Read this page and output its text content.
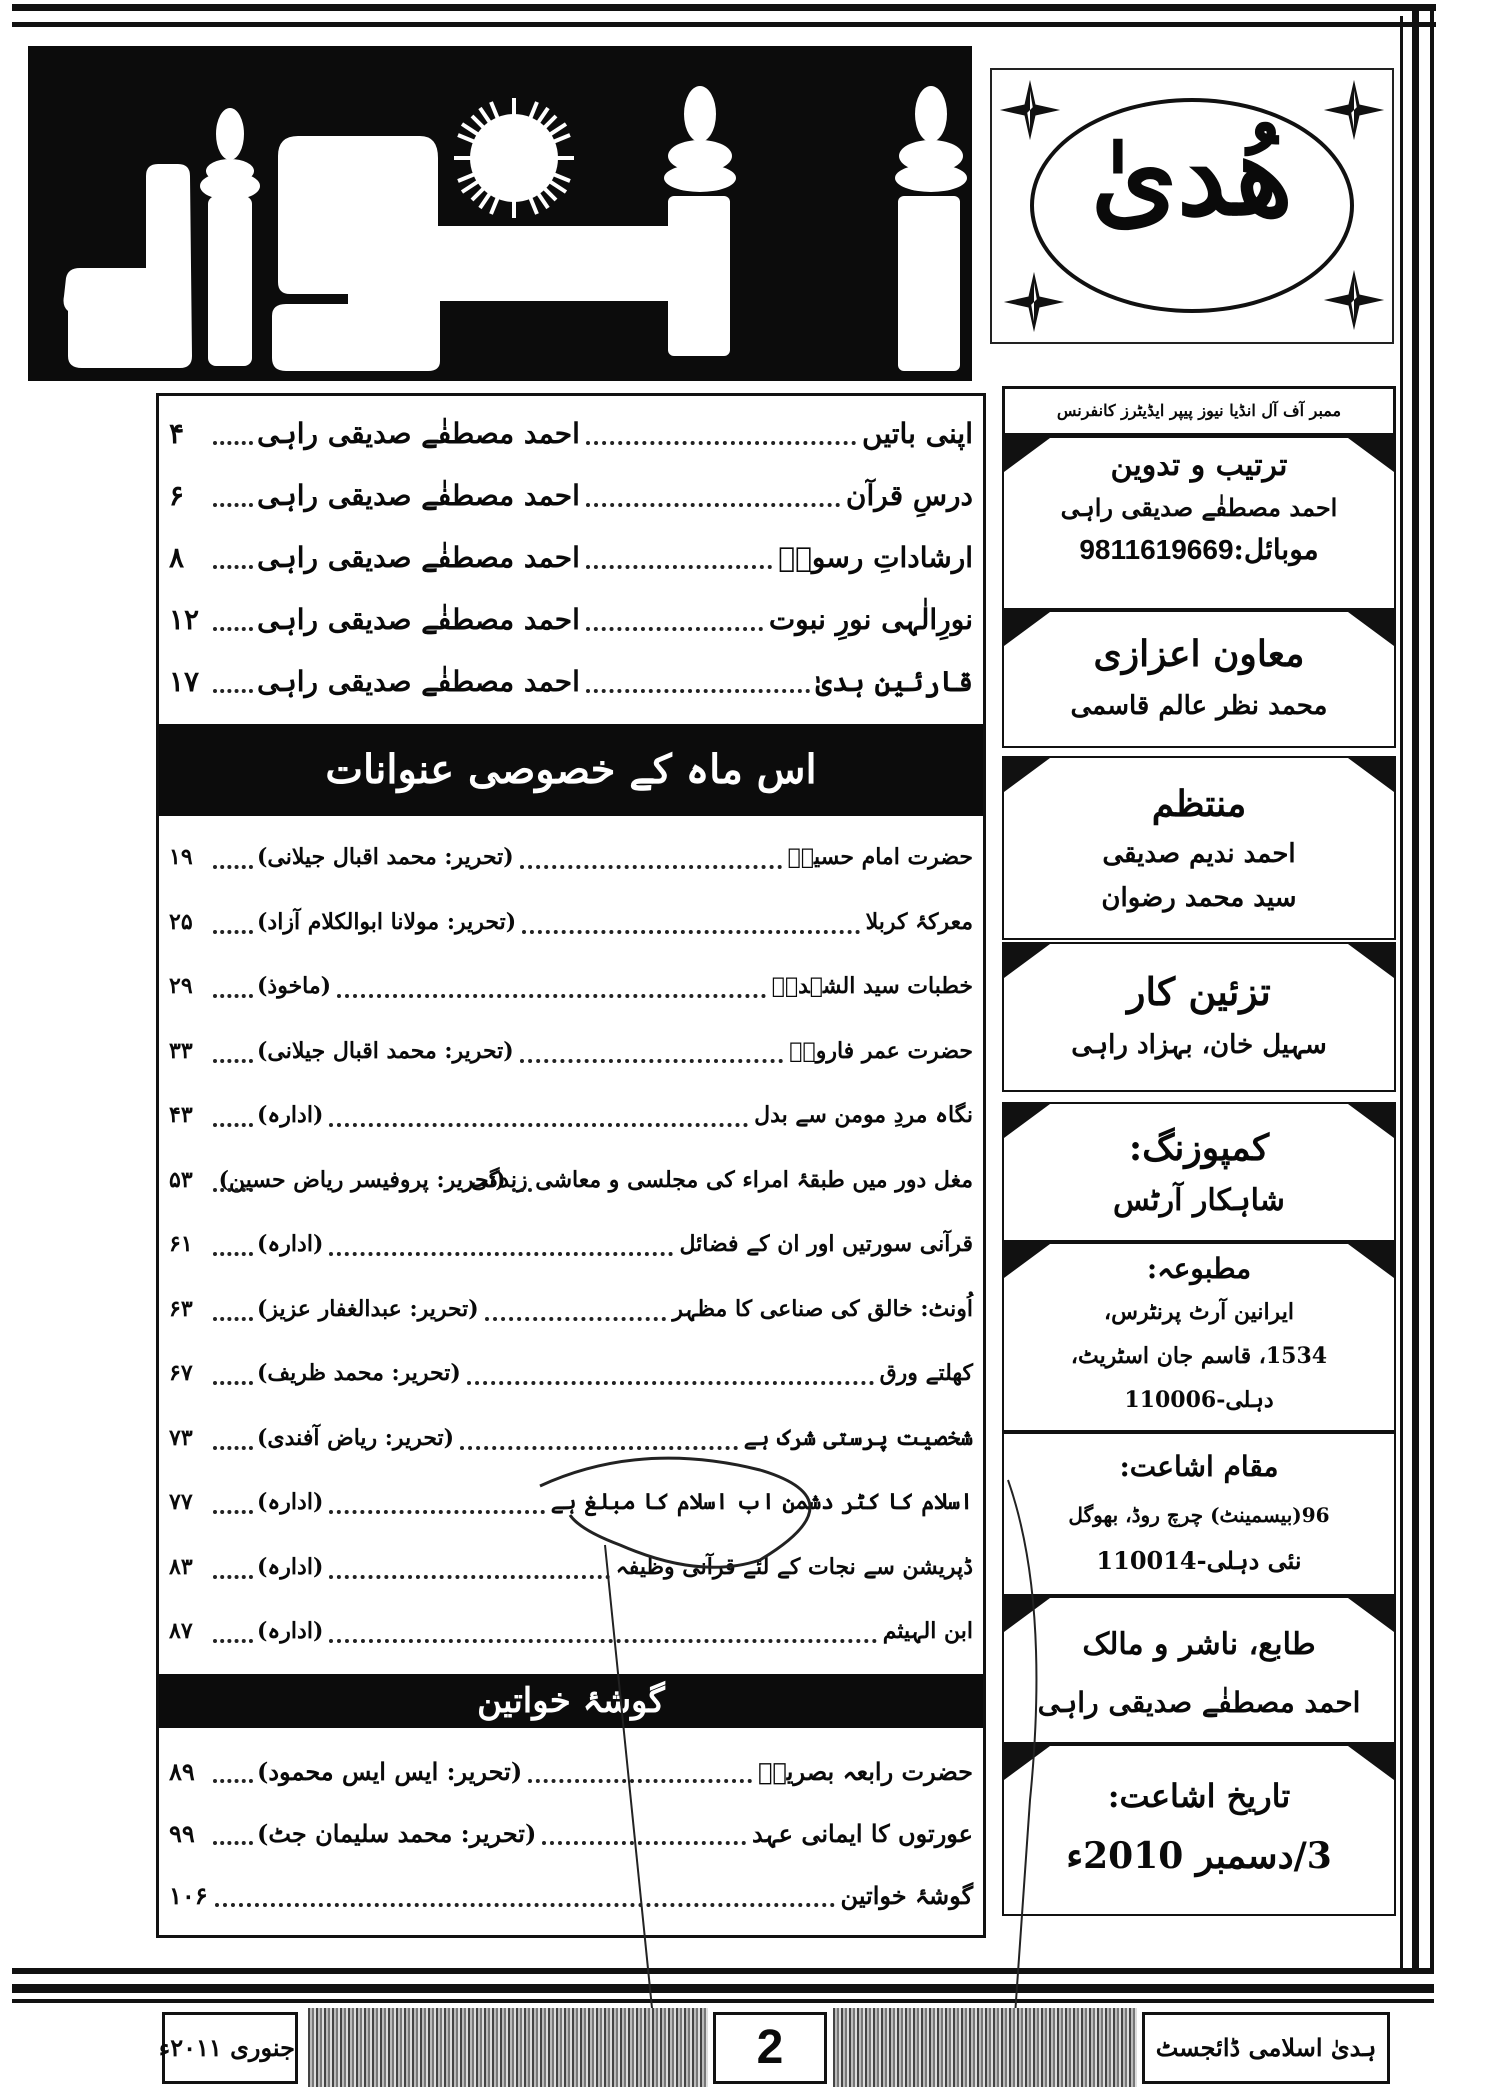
ھُدیٰ
اپنی باتیں
احمد مصطفٰے صدیقی راہی
۴
درسِ قرآن
احمد مصطفٰے صدیقی راہی
۶
ارشاداتِ رسولؐ
احمد مصطفٰے صدیقی راہی
۸
نورِالٰہی نورِ نبوت
احمد مصطفٰے صدیقی راہی
۱۲
قارئینِ ہدیٰ
احمد مصطفٰے صدیقی راہی
۱۷
اس ماہ کے خصوصی عنوانات
حضرت امام حسینؓ
(تحریر: محمد اقبال جیلانی)
۱۹
معرکۂ کربلا
(تحریر: مولانا ابوالکلام آزاد)
۲۵
خطبات سید الشہداؓ
(ماخوذ)
۲۹
حضرت عمر فاروقؓ
(تحریر: محمد اقبال جیلانی)
۳۳
نگاہ مردِ مومن سے بدل
(ادارہ)
۴۳
مغل دور میں طبقۂ امراء کی مجلسی و معاشی زندگی
(تحریر: پروفیسر ریاض حسین)
۵۳
قرآنی سورتیں اور ان کے فضائل
(ادارہ)
۶۱
اُونٹ: خالق کی صناعی کا مظہر
(تحریر: عبدالغفار عزیز)
۶۳
کھلتے ورق
(تحریر: محمد ظریف)
۶۷
شخصیت پرستی شرک ہے
(تحریر: ریاض آفندی)
۷۳
اسلام کا کٹر دشمن اب اسلام کا مبلغ ہے
(ادارہ)
۷۷
ڈپریشن سے نجات کے لئے قرآنی وظیفہ
(ادارہ)
۸۳
ابن الہیثم
(ادارہ)
۸۷
گوشۂ خواتین
حضرت رابعہ بصریہؒ
(تحریر: ایس ایس محمود)
۸۹
عورتوں کا ایمانی عہد
(تحریر: محمد سلیمان جٹ)
۹۹
گوشۂ خواتین
۱۰۶
ممبر آف آل انڈیا نیوز پیپر ایڈیٹرز کانفرنس
ترتیب و تدوین
احمد مصطفٰے صدیقی راہی
موبائل:9811619669
معاون اعزازی
محمد نظر عالم قاسمی
منتظم
احمد ندیم صدیقی
سید محمد رضوان
تزئین کار
سہیل خان، بہزاد راہی
کمپوزنگ:
شاہکار آرٹس
مطبوعہ:
ایرانین آرٹ پرنٹرس،
1534، قاسم جان اسٹریٹ،
دہلی-110006
مقام اشاعت:
96(بیسمینٹ) چرچ روڈ، بھوگل
نئی دہلی-110014
طابع، ناشر و مالک
احمد مصطفٰے صدیقی راہی
تاریخ اشاعت:
3/دسمبر 2010ء
جنوری ۲۰۱۱ء	2	ہدیٰ اسلامی ڈائجسٹ
